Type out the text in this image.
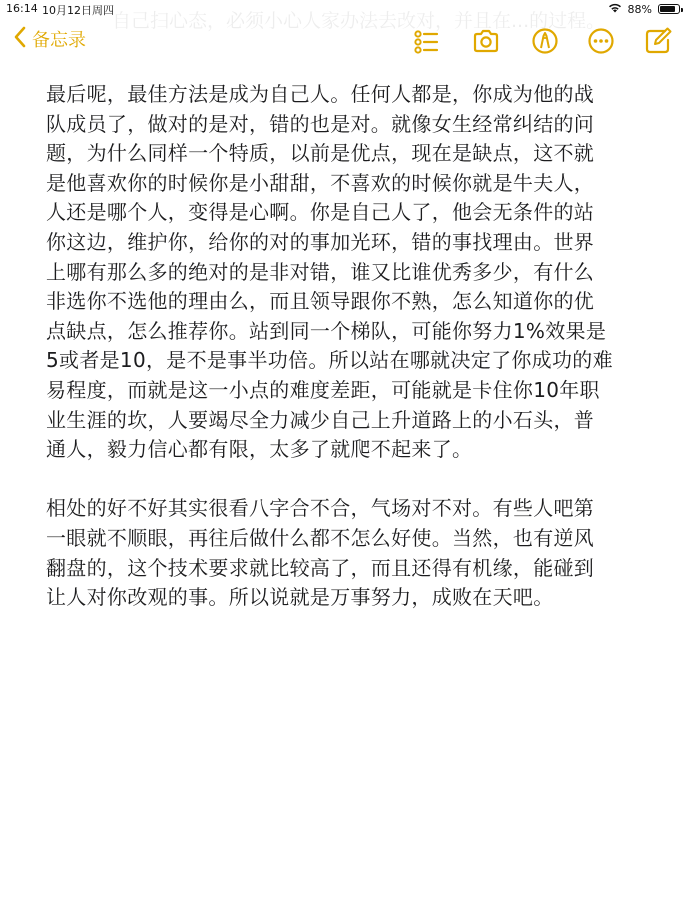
16:14 10月12日周四	88%
自己扫心态，必须小心人家办法去改对，并且在...的过程。
备忘录
最后呢，最佳方法是成为自己人。任何人都是，你成为他的战
队成员了，做对的是对，错的也是对。就像女生经常纠结的问
题，为什么同样一个特质，以前是优点，现在是缺点，这不就
是他喜欢你的时候你是小甜甜，不喜欢的时候你就是牛夫人，
人还是哪个人，变得是心啊。你是自己人了，他会无条件的站
你这边，维护你，给你的对的事加光环，错的事找理由。世界
上哪有那么多的绝对的是非对错，谁又比谁优秀多少，有什么
非选你不选他的理由么，而且领导跟你不熟，怎么知道你的优
点缺点，怎么推荐你。站到同一个梯队，可能你努力1%效果是
5或者是10，是不是事半功倍。所以站在哪就决定了你成功的难
易程度，而就是这一小点的难度差距，可能就是卡住你10年职
业生涯的坎，人要竭尽全力减少自己上升道路上的小石头，普
通人，毅力信心都有限，太多了就爬不起来了。
相处的好不好其实很看八字合不合，气场对不对。有些人吧第
一眼就不顺眼，再往后做什么都不怎么好使。当然，也有逆风
翻盘的，这个技术要求就比较高了，而且还得有机缘，能碰到
让人对你改观的事。所以说就是万事努力，成败在天吧。
